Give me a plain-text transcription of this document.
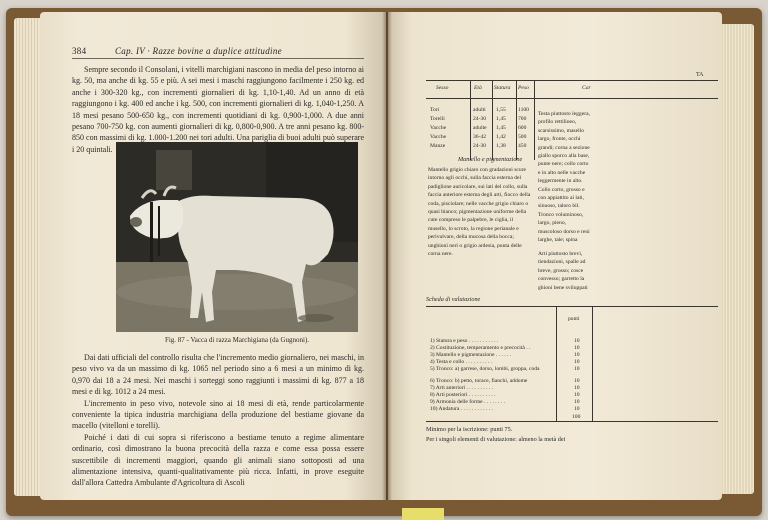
384	Cap. IV · Razze bovine a duplice attitudine

Sempre secondo il Consolani, i vitelli marchigiani nascono in media del peso intorno ai kg. 50, ma anche di kg. 55 e più. A sei mesi i maschi raggiungono facilmente i 250 kg. ed anche i 300-320 kg., con incrementi giornalieri di kg. 1,10-1,40. Ad un anno di età raggiungono i kg. 400 ed anche i kg. 500, con incrementi giornalieri di kg. 1,040-1,250. A 18 mesi pesano 500-650 kg., con incrementi quotidiani di kg. 0,900-1,000. A due anni pesano 700-750 kg. con aumenti giornalieri di kg. 0,800-0,900. A tre anni pesano kg. 800-850 con massimi di kg. 1.000-1.200 nei tori adulti. Una pariglia di buoi adulti può superare i 20 quintali.

Fig. 87 - Vacca di razza Marchigiana (da Gugnoni).

Dai dati ufficiali del controllo risulta che l'incremento medio giornaliero, nei maschi, in peso vivo va da un massimo di kg. 1065 nel periodo sino a 6 mesi a un minimo di kg. 0,970 dai 18 a 24 mesi. Nei maschi i sorteggi sono raggiunti i massimi di kg. 877 a 18 mesi e di kg. 1012 a 24 mesi.

L'incremento in peso vivo, notevole sino ai 18 mesi di età, rende particolarmente conveniente la tipica industria marchigiana della produzione del bestiame giovane da macello (vitelloni e torelli).

Poiché i dati di cui sopra si riferiscono a bestiame tenuto a regime alimentare ordinario, così dimostrano la buona precocità della razza e come essa possa essere suscettibile di incrementi maggiori, quando gli animali siano sottoposti ad una alimentazione intensiva, quanti-qualitativamente più ricca. Infatti, in prove eseguite dall'allora Cattedra Ambulante d'Agricoltura di Ascoli

Sesso	Età Statura Peso	Car
Tori	adulti 1,55 1100
Torelli	24-30 1,45 700
Vacche	adulte 1,45 600
Vacche	36-42 1,42 500
Manze	24-30 1,38 450
TA
Mantello e pigmentazione
Mantello grigio chiaro con gradazioni scure intorno agli occhi, sulla faccia esterna del padiglione auricolare, sui lati del collo, sulla faccia anteriore esterna degli arti, fiocco della coda, pisciolare; nelle vacche grigio chiaro o quasi bianco; pigmentazione uniforme della cute compreso le palpebre, le ciglia, il musello, lo scroto, la regione perianale e perivulvare, della mucosa della bocca; unghioni neri o grigio ardesia, punta delle corna nere.
Testa piuttosto leggera, profilo rettilineo, scarsissimo, masello largo, fronte, occhi grandi; corna a sezione giallo sporco alla base, punte nere; collo corto e in alto nelle vacche leggermente in alto. Collo corto, grosso e con appiattito ai lati, sinuoso, taloro bil. Tronco voluminoso, largo, pieno, muscoloso dorso e reni larghe, tale; spina
Arti piuttosto brevi, tiendazioni, spalle ad breve, grosso; cosce convesso; garretto la ghioni bene sviluppati
Scheda di valutazione
punti
1) Statura e peso . . . . . . . . . . .	10
2) Costituzione, temperamento e precocità . .	10
3) Mantello e pigmentazione . . . . . .	10
4) Testa e collo . . . . . . . . . .	10
5) Tronco: a) garrese, dorso, lombi, groppa, coda	10
6) Tronco: b) petto, torace, fianchi, addome	10
7) Arti anteriori . . . . . . . . . .	10
8) Arti posteriori . . . . . . . . . .	10
9) Armonia delle forme . . . . . . . .	10
10) Andatura . . . . . . . . . . . .	10
100
Minimo per la iscrizione: punti 75.
Per i singoli elementi di valutazione: almeno la metà dei
